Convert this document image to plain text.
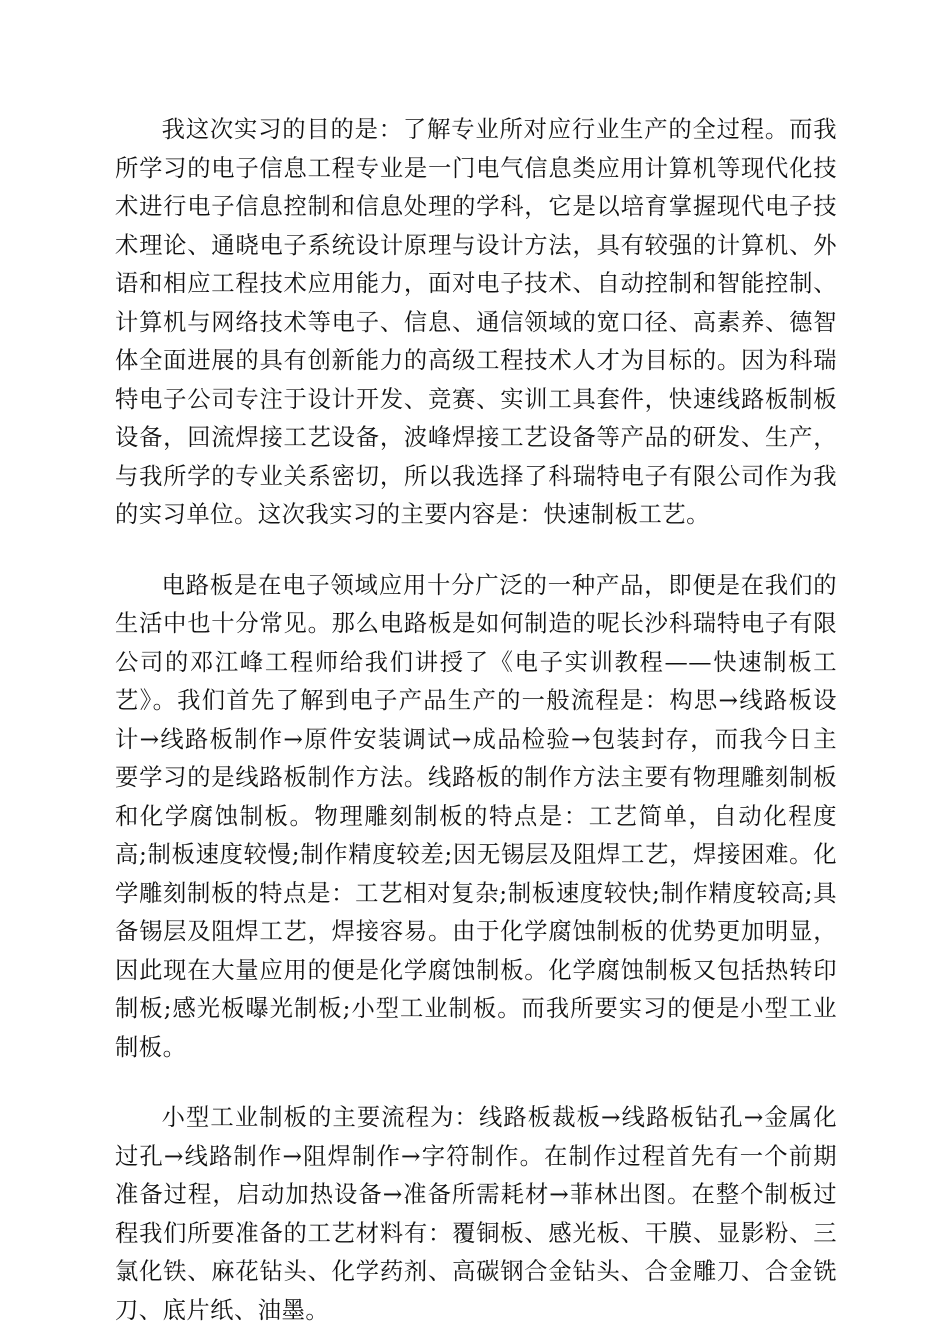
我这次实习的目的是：了解专业所对应行业生产的全过程。而我所学习的电子信息工程专业是一门电气信息类应用计算机等现代化技术进行电子信息控制和信息处理的学科，它是以培育掌握现代电子技术理论、通晓电子系统设计原理与设计方法，具有较强的计算机、外语和相应工程技术应用能力，面对电子技术、自动控制和智能控制、计算机与网络技术等电子、信息、通信领域的宽口径、高素养、德智体全面进展的具有创新能力的高级工程技术人才为目标的。因为科瑞特电子公司专注于设计开发、竞赛、实训工具套件，快速线路板制板设备，回流焊接工艺设备，波峰焊接工艺设备等产品的研发、生产，与我所学的专业关系密切，所以我选择了科瑞特电子有限公司作为我的实习单位。这次我实习的主要内容是：快速制板工艺。

电路板是在电子领域应用十分广泛的一种产品，即便是在我们的生活中也十分常见。那么电路板是如何制造的呢长沙科瑞特电子有限公司的邓江峰工程师给我们讲授了《电子实训教程——快速制板工艺》。我们首先了解到电子产品生产的一般流程是：构思→线路板设计→线路板制作→原件安装调试→成品检验→包装封存，而我今日主要学习的是线路板制作方法。线路板的制作方法主要有物理雕刻制板和化学腐蚀制板。物理雕刻制板的特点是：工艺简单，自动化程度高;制板速度较慢;制作精度较差;因无锡层及阻焊工艺，焊接困难。化学雕刻制板的特点是：工艺相对复杂;制板速度较快;制作精度较高;具备锡层及阻焊工艺，焊接容易。由于化学腐蚀制板的优势更加明显，因此现在大量应用的便是化学腐蚀制板。化学腐蚀制板又包括热转印制板;感光板曝光制板;小型工业制板。而我所要实习的便是小型工业制板。

小型工业制板的主要流程为：线路板裁板→线路板钻孔→金属化过孔→线路制作→阻焊制作→字符制作。在制作过程首先有一个前期准备过程，启动加热设备→准备所需耗材→菲林出图。在整个制板过程我们所要准备的工艺材料有：覆铜板、感光板、干膜、显影粉、三氯化铁、麻花钻头、化学药剂、高碳钢合金钻头、合金雕刀、合金铣刀、底片纸、油墨。
